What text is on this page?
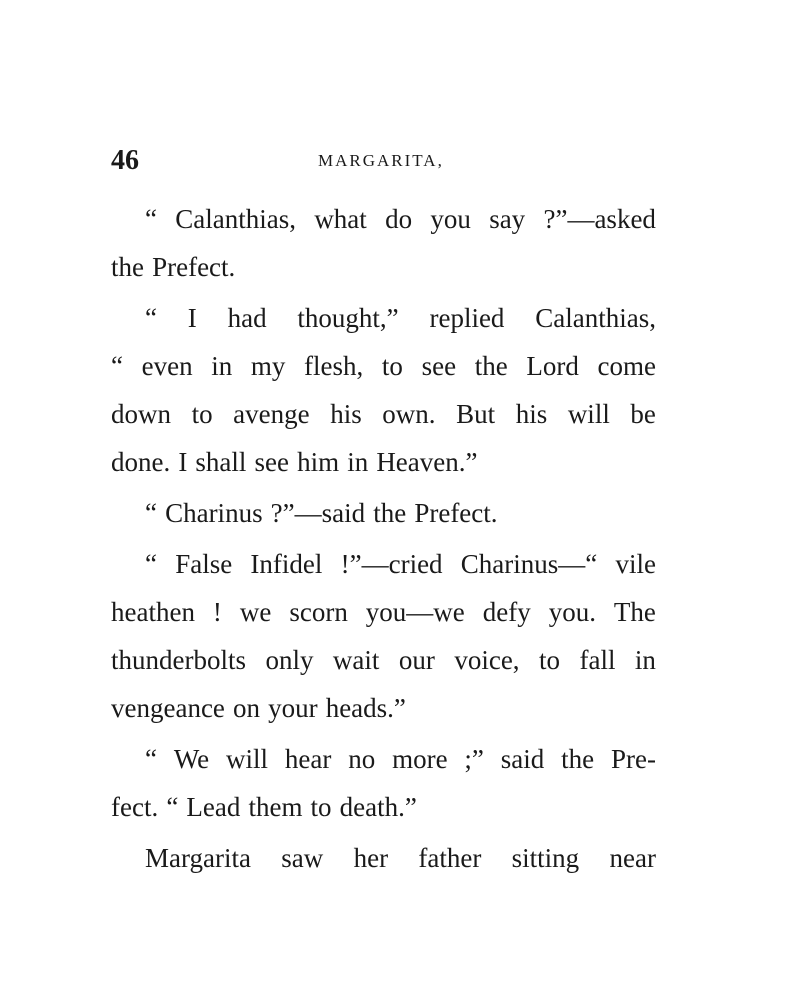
46	MARGARITA,
“ Calanthias, what do you say ?”—asked
the Prefect.
“ I had thought,” replied Calanthias,
“ even in my flesh, to see the Lord come
down to avenge his own. But his will be
done. I shall see him in Heaven.”
“ Charinus ?”—said the Prefect.
“ False Infidel !”—cried Charinus—“ vile
heathen ! we scorn you—we defy you. The
thunderbolts only wait our voice, to fall in
vengeance on your heads.”
“ We will hear no more ;” said the Pre-
fect. “ Lead them to death.”
Margarita saw her father sitting near
